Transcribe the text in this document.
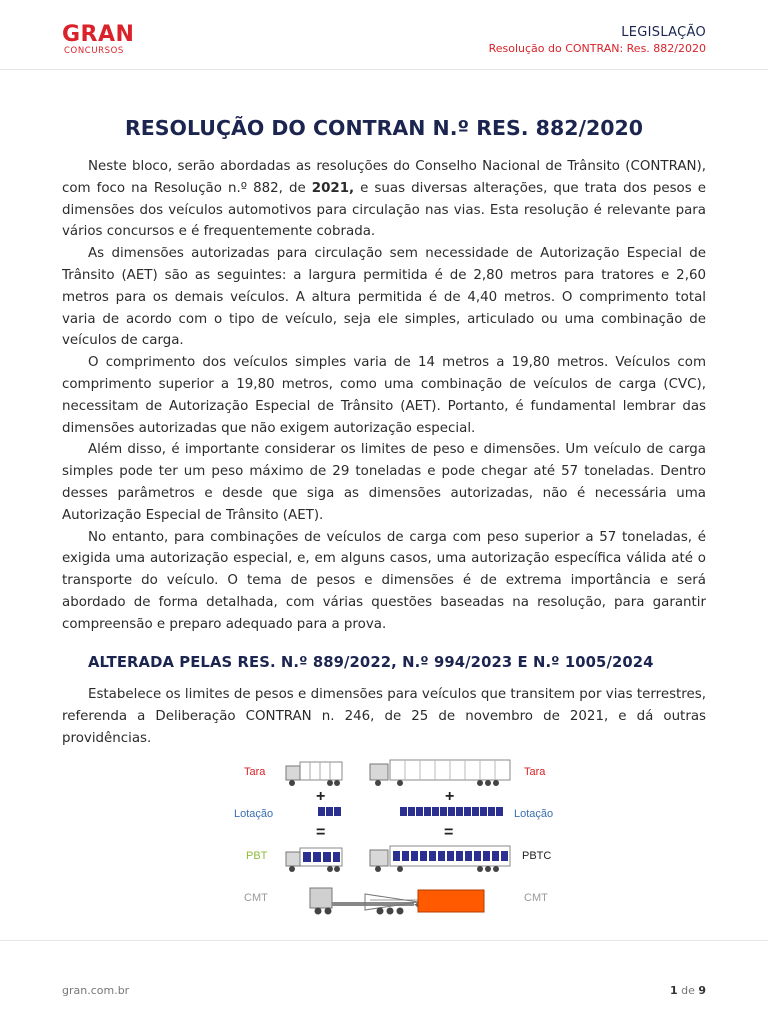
GRAN
CONCURSOS
LEGISLAÇÃO
Resolução do CONTRAN: Res. 882/2020
RESOLUÇÃO DO CONTRAN N.º RES. 882/2020

Neste bloco, serão abordadas as resoluções do Conselho Nacional de Trânsito (CONTRAN), com foco na Resolução n.º 882, de 2021, e suas diversas alterações, que trata dos pesos e dimensões dos veículos automotivos para circulação nas vias. Esta resolução é relevante para vários concursos e é frequentemente cobrada.

As dimensões autorizadas para circulação sem necessidade de Autorização Especial de Trânsito (AET) são as seguintes: a largura permitida é de 2,80 metros para tratores e 2,60 metros para os demais veículos. A altura permitida é de 4,40 metros. O comprimento total varia de acordo com o tipo de veículo, seja ele simples, articulado ou uma combinação de veículos de carga.

O comprimento dos veículos simples varia de 14 metros a 19,80 metros. Veículos com comprimento superior a 19,80 metros, como uma combinação de veículos de carga (CVC), necessitam de Autorização Especial de Trânsito (AET). Portanto, é fundamental lembrar das dimensões autorizadas que não exigem autorização especial.

Além disso, é importante considerar os limites de peso e dimensões. Um veículo de carga simples pode ter um peso máximo de 29 toneladas e pode chegar até 57 toneladas. Dentro desses parâmetros e desde que siga as dimensões autorizadas, não é necessária uma Autorização Especial de Trânsito (AET).

No entanto, para combinações de veículos de carga com peso superior a 57 toneladas, é exigida uma autorização especial, e, em alguns casos, uma autorização específica válida até o transporte do veículo. O tema de pesos e dimensões é de extrema importância e será abordado de forma detalhada, com várias questões baseadas na resolução, para garantir compreensão e preparo adequado para a prova.

ALTERADA PELAS RES. N.º 889/2022, N.º 994/2023 E N.º 1005/2024

Estabelece os limites de pesos e dimensões para veículos que transitem por vias terrestres, referenda a Deliberação CONTRAN n. 246, de 25 de novembro de 2021, e dá outras providências.

Tara	Tara
+	+
Lotação	Lotação
=	=
PBT	PBTC
CMT	CMT
gran.com.br	1 de 9
